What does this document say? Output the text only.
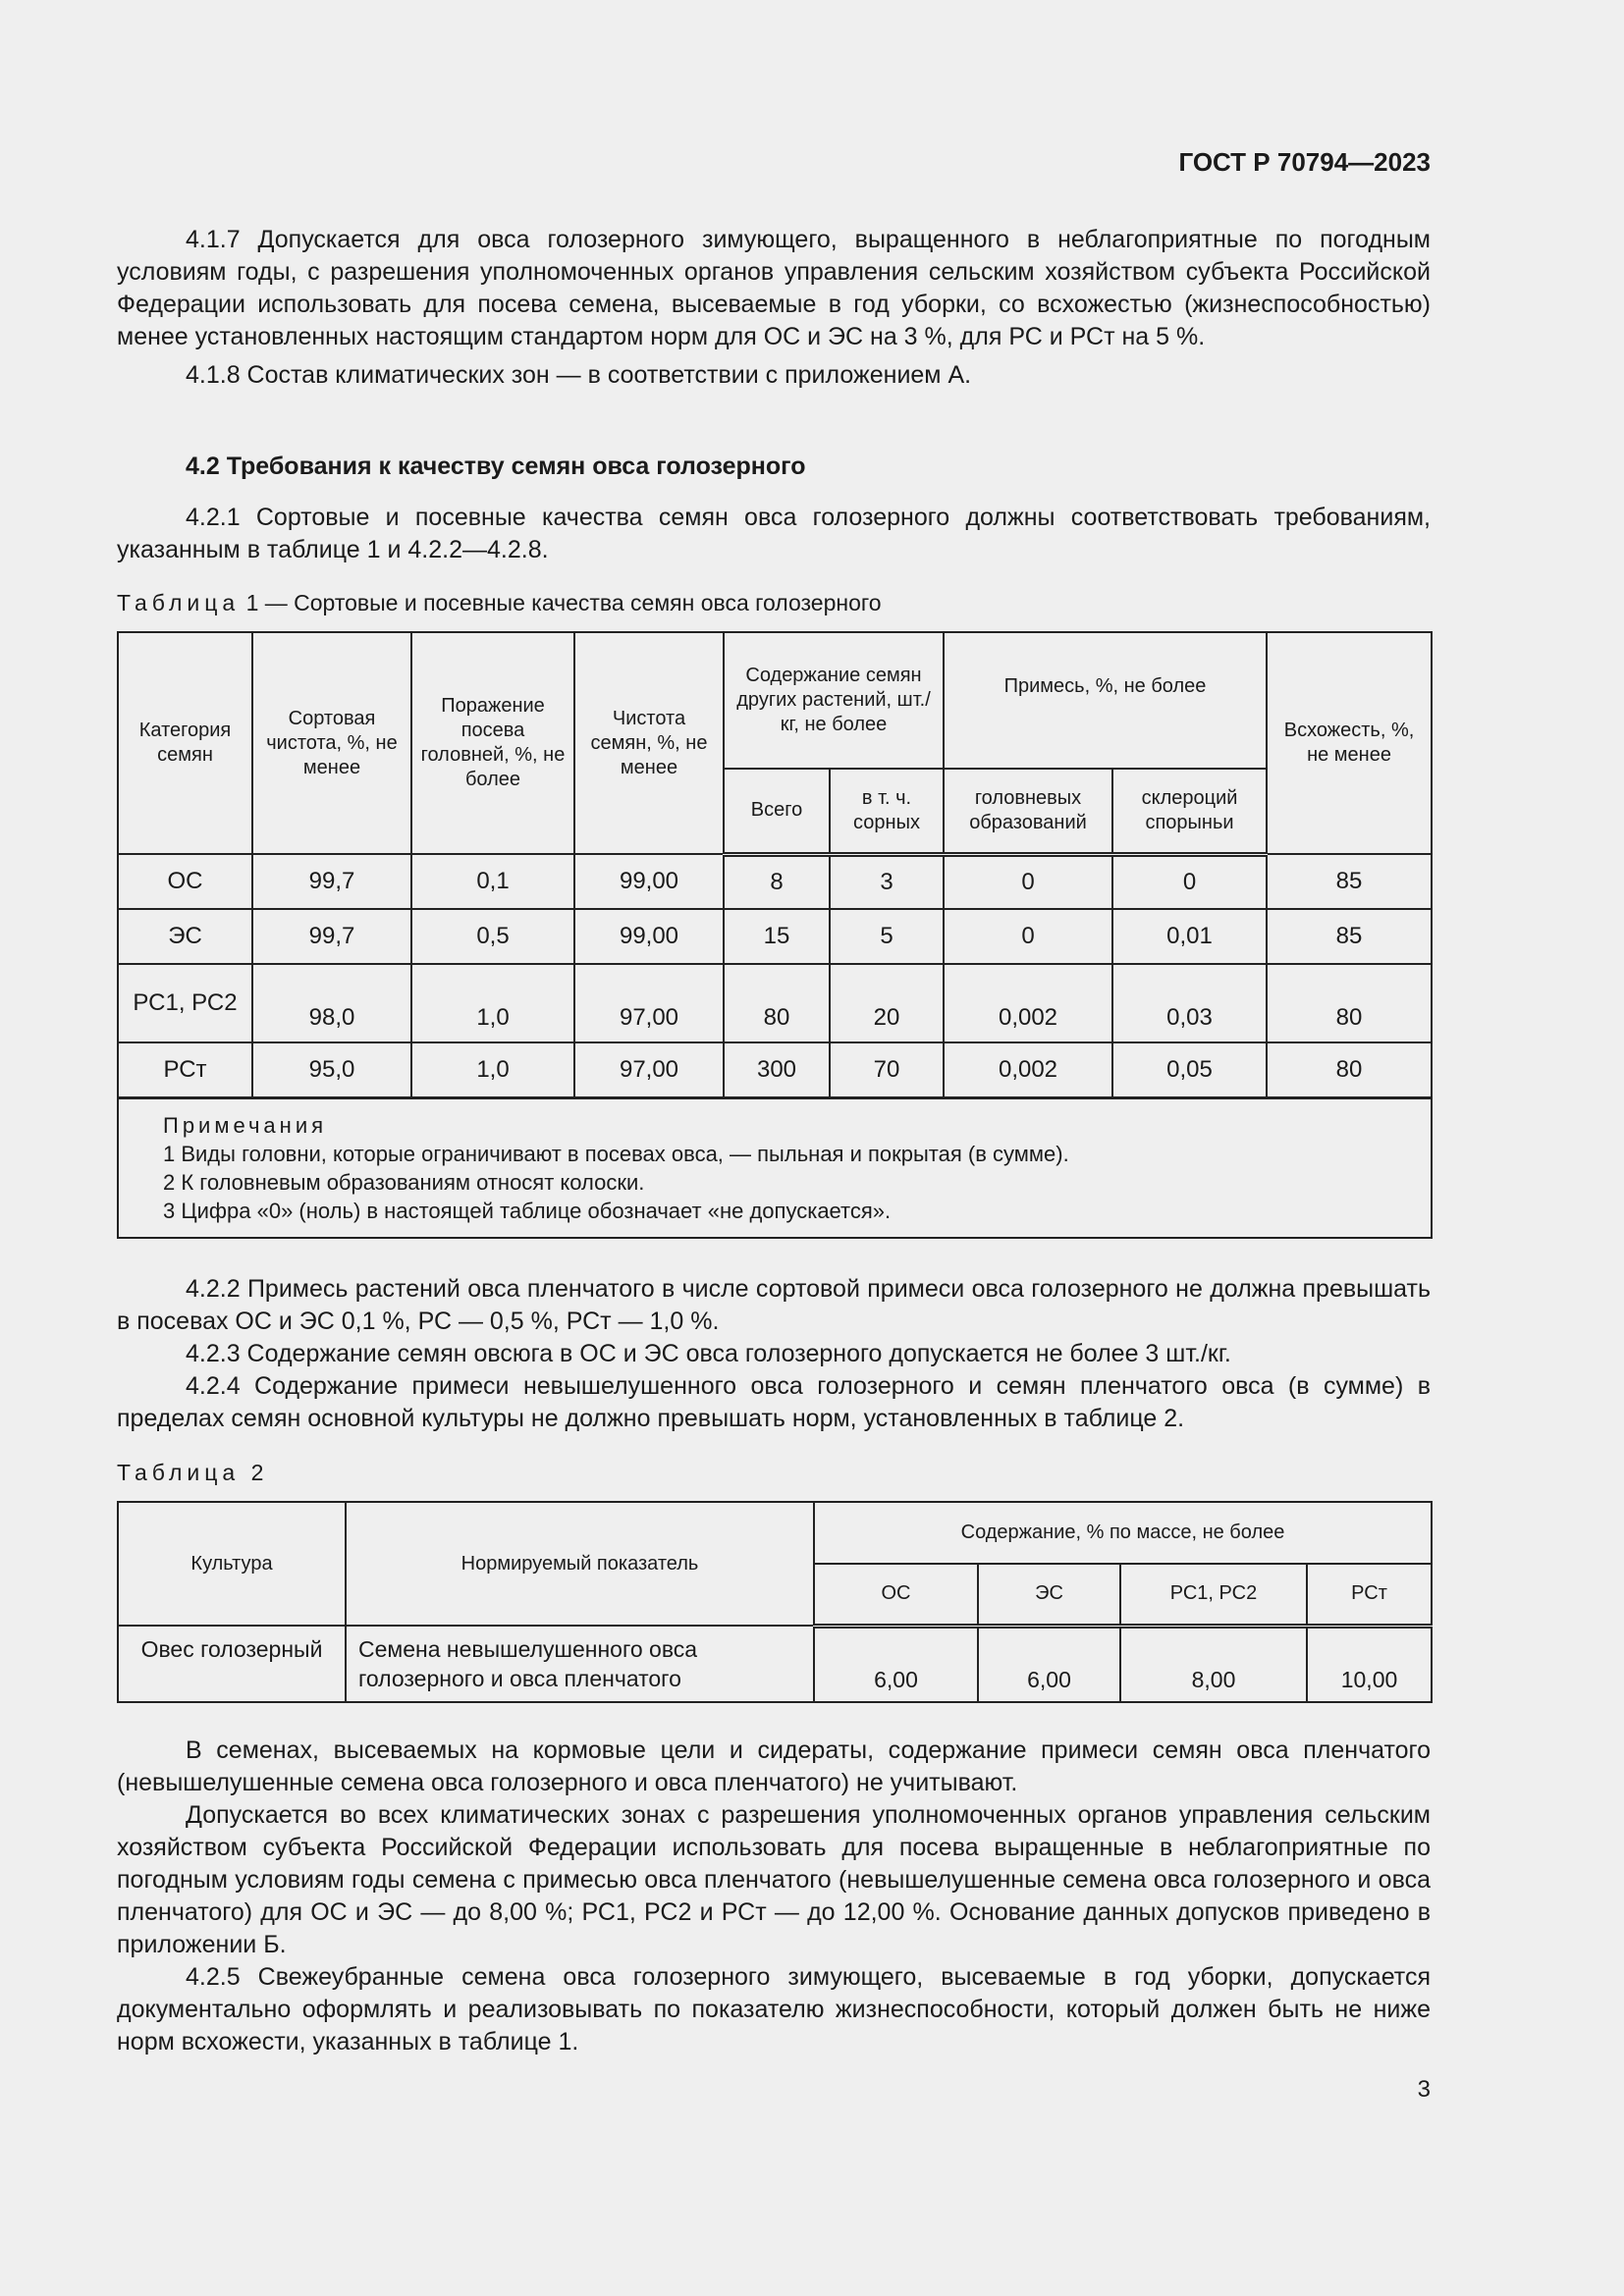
ГОСТ Р 70794—2023

4.1.7 Допускается для овса голозерного зимующего, выращенного в неблагоприятные по погодным условиям годы, с разрешения уполномоченных органов управления сельским хозяйством субъекта Российской Федерации использовать для посева семена, высеваемые в год уборки, со всхожестью (жизнеспособностью) менее установленных настоящим стандартом норм для ОС и ЭС на 3 %, для РС и РСт на 5 %.

4.1.8 Состав климатических зон — в соответствии с приложением А.

4.2 Требования к качеству семян овса голозерного

4.2.1 Сортовые и посевные качества семян овса голозерного должны соответствовать требованиям, указанным в таблице 1 и 4.2.2—4.2.8.

Таблица 1 — Сортовые и посевные качества семян овса голозерного
Категория семян	Сортовая чистота, %, не менее	Поражение посева головней, %, не более	Чистота семян, %, не менее	Содержание семян других растений, шт./кг, не более		Примесь, %, не более		Всхожесть, %, не менее
				Всего	в т. ч. сорных	головневых образований	склероций спорыньи	
ОС	99,7	0,1	99,00	8	3	0	0	85
ЭС	99,7	0,5	99,00	15	5	0	0,01	85
РС1, РС2	98,0	1,0	97,00	80	20	0,002	0,03	80
РСт	95,0	1,0	97,00	300	70	0,002	0,05	80

Примечания
1 Виды головни, которые ограничивают в посевах овса, — пыльная и покрытая (в сумме).
2 К головневым образованиям относят колоски.
3 Цифра «0» (ноль) в настоящей таблице обозначает «не допускается».								

4.2.2 Примесь растений овса пленчатого в числе сортовой примеси овса голозерного не должна превышать в посевах ОС и ЭС 0,1 %, РС — 0,5 %, РСт — 1,0 %.

4.2.3 Содержание семян овсюга в ОС и ЭС овса голозерного допускается не более 3 шт./кг.

4.2.4 Содержание примеси невышелушенного овса голозерного и семян пленчатого овса (в сумме) в пределах семян основной культуры не должно превышать норм, установленных в таблице 2.

Таблица 2
Культура	Нормируемый показатель	Содержание, % по массе, не более			
		ОС	ЭС	РС1, РС2	РСт
Овес голозерный	Семена невышелушенного овса голозерного и овса пленчатого	6,00	6,00	8,00	10,00

В семенах, высеваемых на кормовые цели и сидераты, содержание примеси семян овса пленчатого (невышелушенные семена овса голозерного и овса пленчатого) не учитывают.

Допускается во всех климатических зонах с разрешения уполномоченных органов управления сельским хозяйством субъекта Российской Федерации использовать для посева выращенные в неблагоприятные по погодным условиям годы семена с примесью овса пленчатого (невышелушенные семена овса голозерного и овса пленчатого) для ОС и ЭС — до 8,00 %; РС1, РС2 и РСт — до 12,00 %. Основание данных допусков приведено в приложении Б.

4.2.5 Свежеубранные семена овса голозерного зимующего, высеваемые в год уборки, допускается документально оформлять и реализовывать по показателю жизнеспособности, который должен быть не ниже норм всхожести, указанных в таблице 1.

3
